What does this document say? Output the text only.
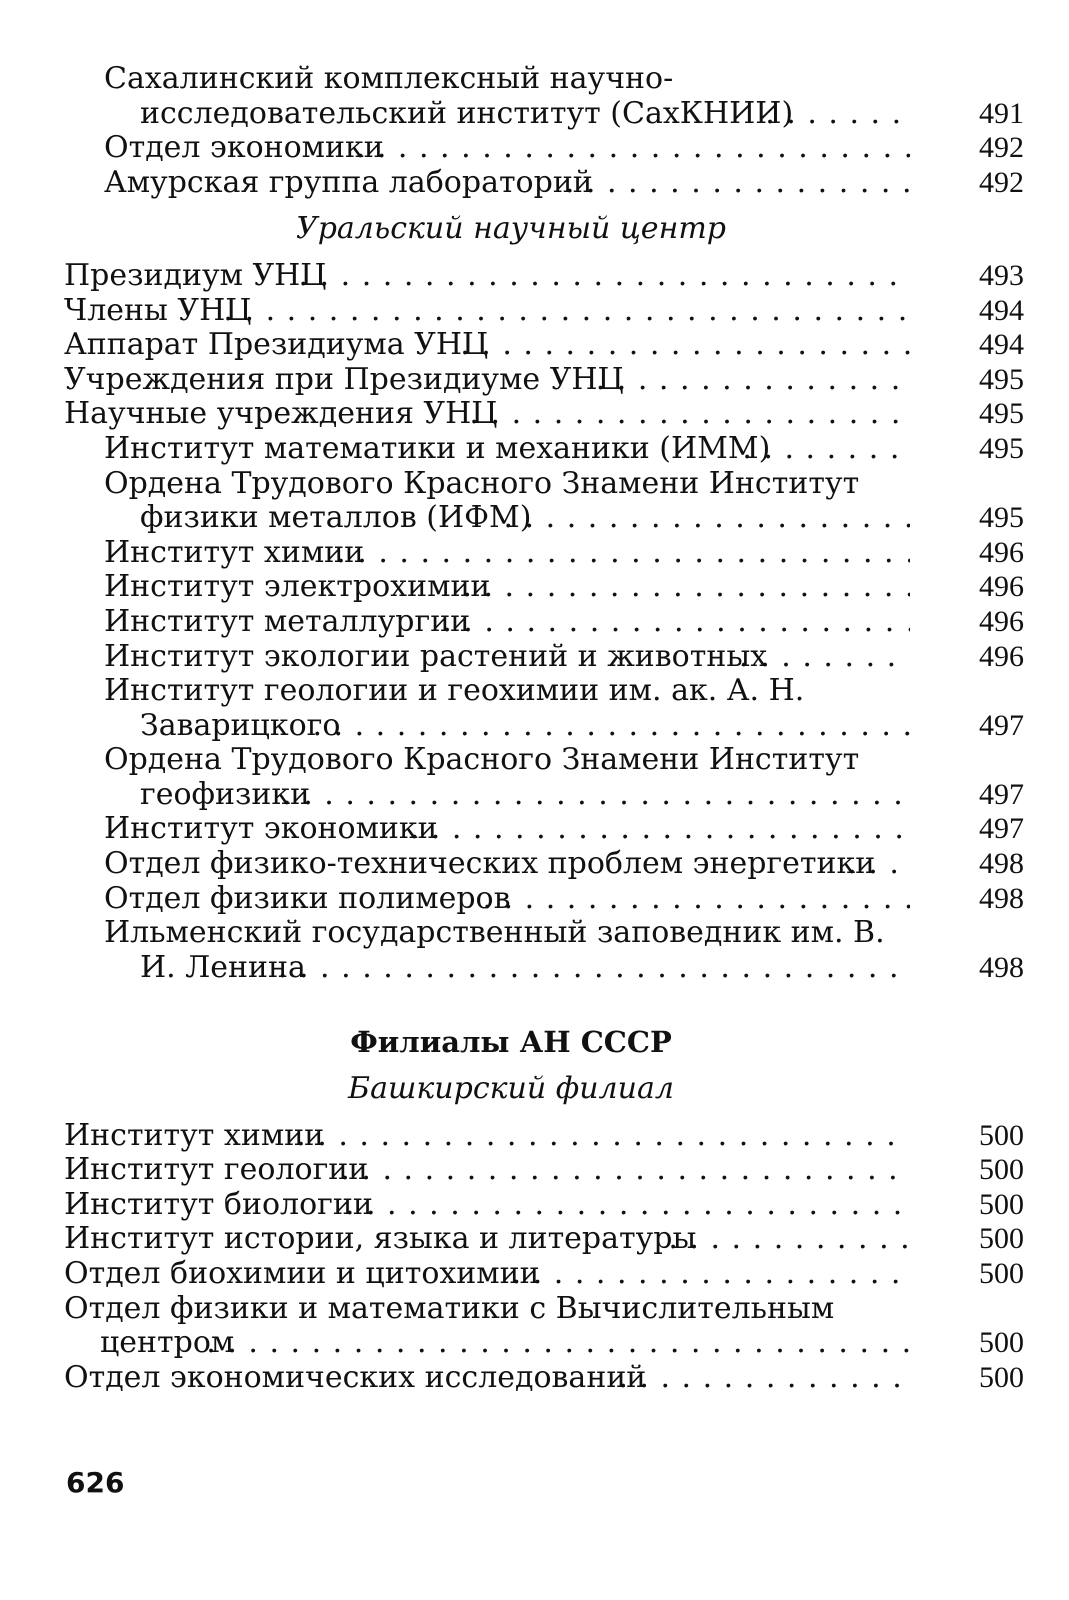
Сахалинский комплексный научно-исследовательский институт (СахКНИИ) . . .	491
Отдел экономики . . .	492
Амурская группа лабораторий . . .	492
Уральский научный центр
Президиум УНЦ . . .	493
Члены УНЦ . . .	494
Аппарат Президиума УНЦ . . .	494
Учреждения при Президиуме УНЦ . . .	495
Научные учреждения УНЦ . . .	495
Институт математики и механики (ИММ) . . .	495
Ордена Трудового Красного Знамени Институт физики металлов (ИФМ) . . .	495
Институт химии . . .	496
Институт электрохимии . . .	496
Институт металлургии . . .	496
Институт экологии растений и животных . . .	496
Институт геологии и геохимии им. ак. А. Н. Заварицкого . . .	497
Ордена Трудового Красного Знамени Институт геофизики . . .	497
Институт экономики . . .	497
Отдел физико-технических проблем энергетики . . .	498
Отдел физики полимеров . . .	498
Ильменский государственный заповедник им. В. И. Ленина . . .	498
Филиалы АН СССР
Башкирский филиал
Институт химии . . .	500
Институт геологии . . .	500
Институт биологии . . .	500
Институт истории, языка и литературы . . .	500
Отдел биохимии и цитохимии . . .	500
Отдел физики и математики с Вычислительным центром . . .	500
Отдел экономических исследований . . .	500
626
